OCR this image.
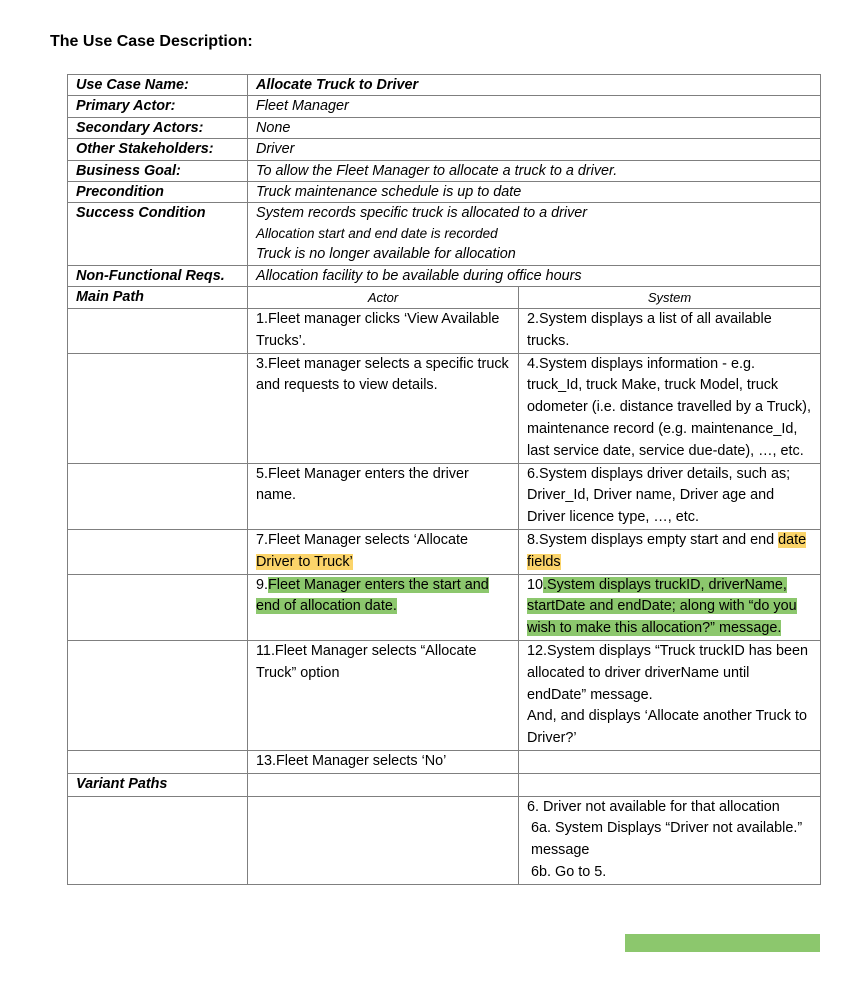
The Use Case Description:
Use Case Name:	Allocate Truck to Driver	
Primary Actor:	Fleet Manager	
Secondary Actors:	None	
Other Stakeholders:	Driver	
Business Goal:	To allow the Fleet Manager to allocate a truck to a driver.	
Precondition	Truck maintenance schedule is up to date	
Success Condition	System records specific truck is allocated to a driver
Allocation start and end date is recorded
Truck is no longer available for allocation	

Non-Functional Reqs.	Allocation facility to be available during office hours	
Main Path	Actor	System
	1.Fleet manager clicks ‘View Available Trucks’.	2.System displays a list of all available trucks.
	3.Fleet manager selects a specific truck and requests to view details.	4.System displays information - e.g. truck_Id, truck Make, truck Model, truck odometer (i.e. distance travelled by a Truck), maintenance record (e.g. maintenance_Id, last service date, service due-date), …, etc.
	5.Fleet Manager enters the driver name.	6.System displays driver details, such as; Driver_Id, Driver name, Driver age and Driver licence type, …, etc.
	7.Fleet Manager selects ‘Allocate Driver to Truck’	8.System displays empty start and end date fields
	9.Fleet Manager enters the start and end of allocation date.	10.System displays truckID, driverName, startDate and endDate; along with “do you wish to make this allocation?” message.
	11.Fleet Manager selects “Allocate Truck” option	12.System displays “Truck truckID has been allocated to driver driverName until endDate” message.
And, and displays ‘Allocate another Truck to Driver?’

	13.Fleet Manager selects ‘No’	
Variant Paths		

		6. Driver not available for that allocation
6a. System Displays “Driver not available.” message
6b. Go to 5.
